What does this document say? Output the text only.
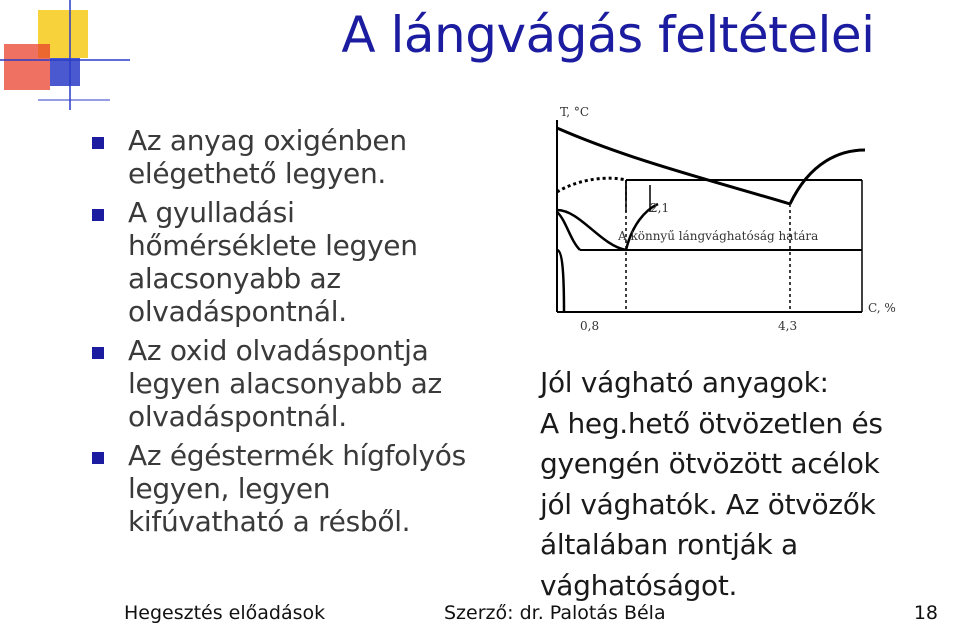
A lángvágás feltételei
Az anyag oxigénben
elégethető legyen.
A gyulladási
hőmérséklete legyen
alacsonyabb az
olvadáspontnál.
Az oxid olvadáspontja
legyen alacsonyabb az
olvadáspontnál.
Az égéstermék hígfolyós
legyen, legyen
kifúvatható a résből.
T, °C
2,1
A könnyű lángvághatóság határa
0,8	4,3
C, %
Jól vágható anyagok:
A heg.hető ötvözetlen és
gyengén ötvözött acélok
jól vághatók. Az ötvözők
általában rontják a
vághatóságot.
Hegesztés előadások	Szerző: dr. Palotás Béla	18
